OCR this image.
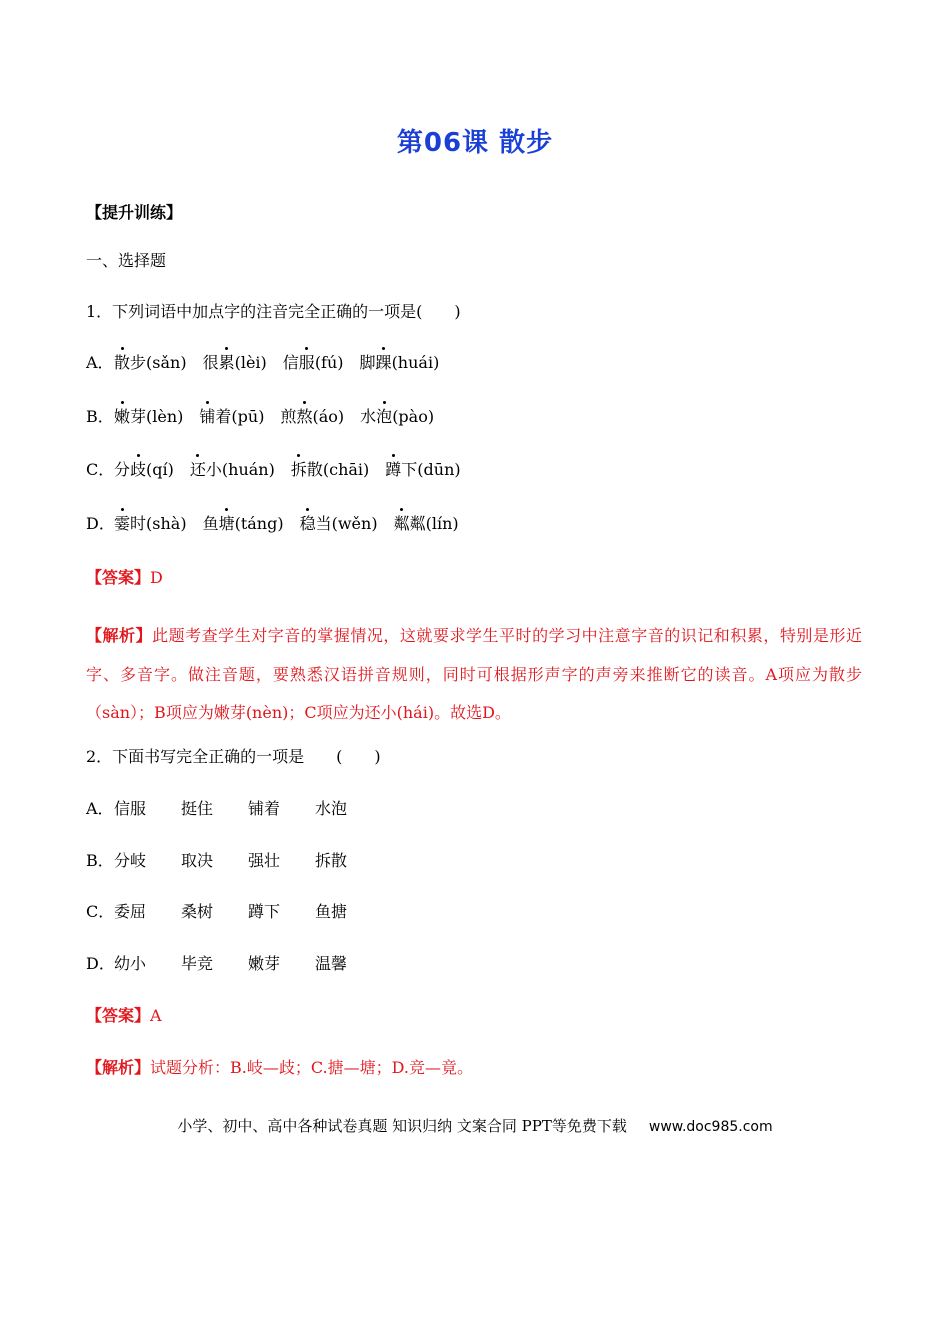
第06课 散步
【提升训练】
一、选择题
1．下列词语中加点字的注音完全正确的一项是(　　)
A．散步(sǎn) 很累(lèi) 信服(fú) 脚踝(huái)
B．嫩芽(lèn) 铺着(pū) 煎熬(áo) 水泡(pào)
C．分歧(qí) 还小(huán) 拆散(chāi) 蹲下(dūn)
D．霎时(shà) 鱼塘(táng) 稳当(wěn) 粼粼(lín)
【答案】D
【解析】此题考查学生对字音的掌握情况，这就要求学生平时的学习中注意字音的识记和积累，特别是形近字、多音字。做注音题，要熟悉汉语拼音规则，同时可根据形声字的声旁来推断它的读音。A项应为散步（sàn）；B项应为嫩芽(nèn)；C项应为还小(hái)。故选D。
2．下面书写完全正确的一项是　　(　　)
A．信服 挺住 铺着 水泡
B．分岐 取决 强壮 拆散
C．委屈 桑树 蹲下 鱼搪
D．幼小 毕竞 嫩芽 温馨
【答案】A
【解析】试题分析：B.岐—歧；C.搪—塘；D.竞—竟。
小学、初中、高中各种试卷真题 知识归纳 文案合同 PPT等免费下载 www.doc985.com
